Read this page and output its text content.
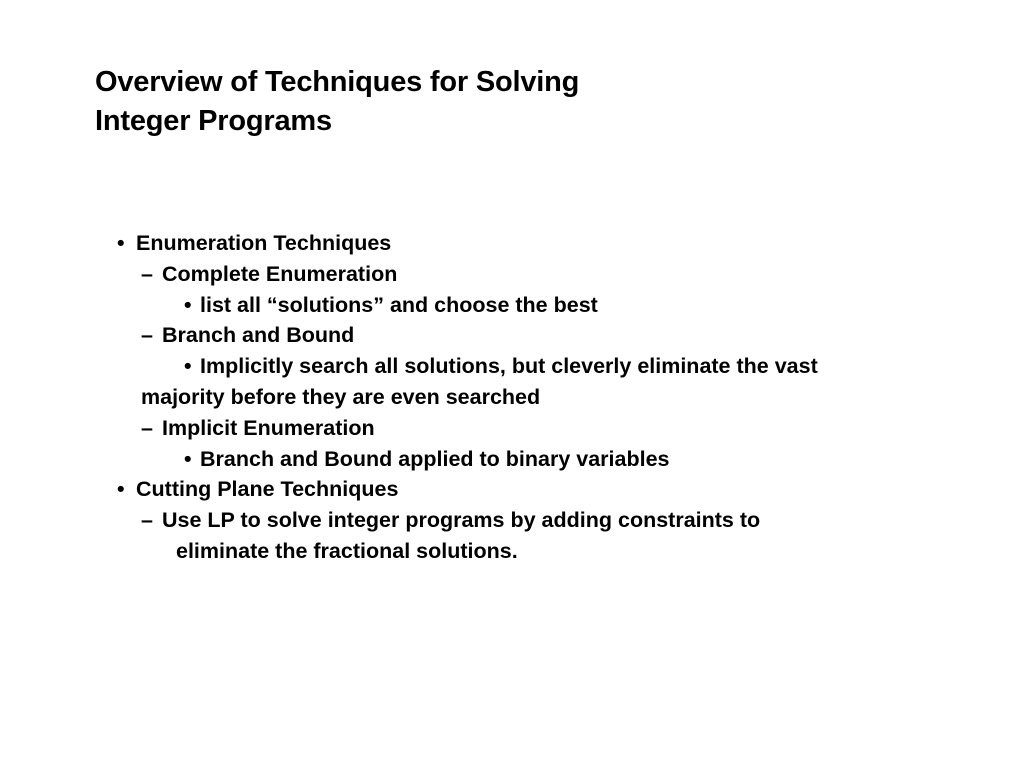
Overview of Techniques for Solving
Integer Programs
• Enumeration Techniques
– Complete Enumeration
• list all “solutions” and choose the best
– Branch and Bound
• Implicitly search all solutions, but cleverly eliminate the vast
majority before they are even searched
– Implicit Enumeration
• Branch and Bound applied to binary variables
• Cutting Plane Techniques
– Use LP to solve integer programs by adding constraints to
eliminate the fractional solutions.
